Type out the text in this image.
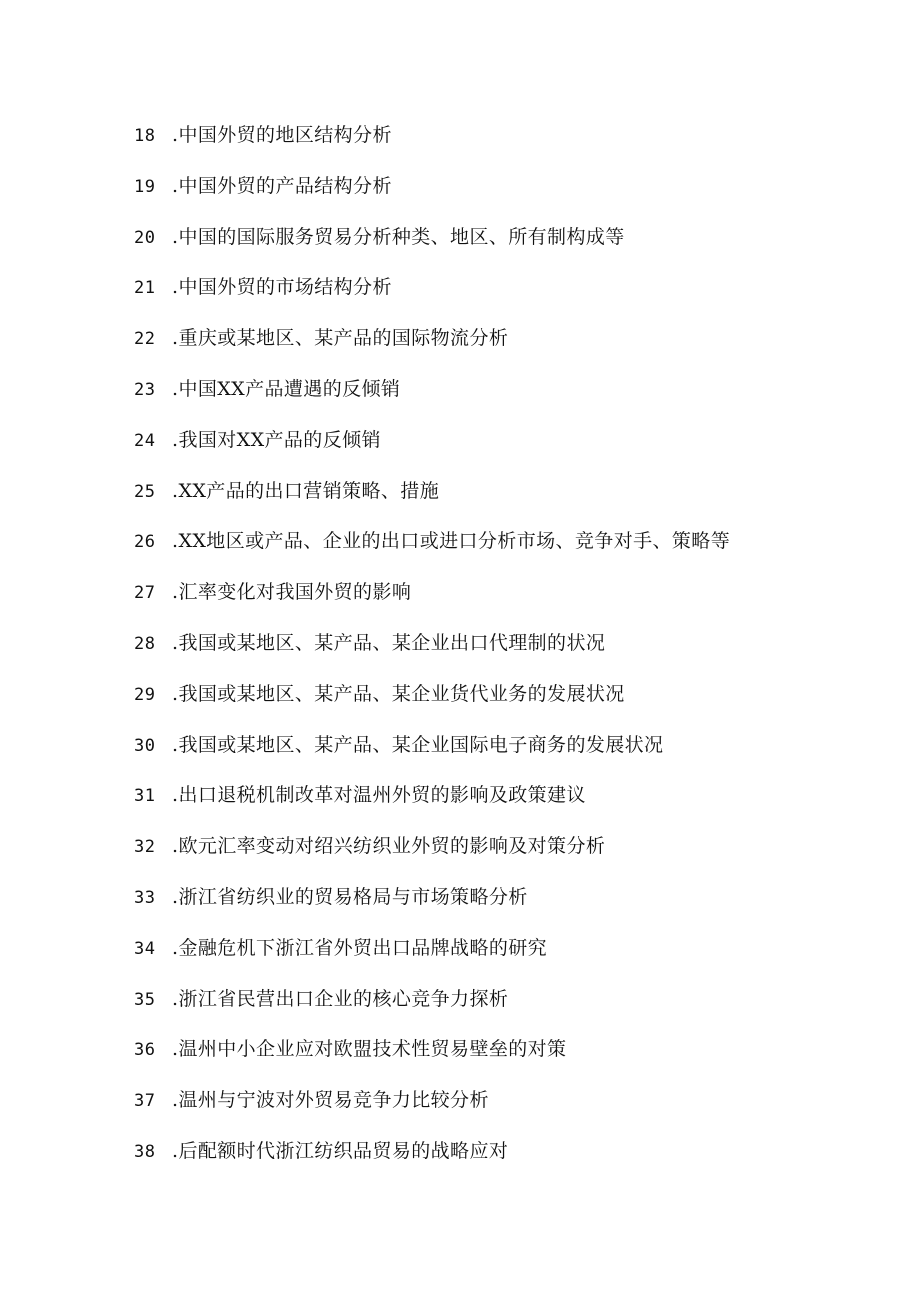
18 .中国外贸的地区结构分析
19 .中国外贸的产品结构分析
20 .中国的国际服务贸易分析种类、地区、所有制构成等
21 .中国外贸的市场结构分析
22 .重庆或某地区、某产品的国际物流分析
23 .中国XX产品遭遇的反倾销
24 .我国对XX产品的反倾销
25 .XX产品的出口营销策略、措施
26 .XX地区或产品、企业的出口或进口分析市场、竞争对手、策略等
27 .汇率变化对我国外贸的影响
28 .我国或某地区、某产品、某企业出口代理制的状况
29 .我国或某地区、某产品、某企业货代业务的发展状况
30 .我国或某地区、某产品、某企业国际电子商务的发展状况
31 .出口退税机制改革对温州外贸的影响及政策建议
32 .欧元汇率变动对绍兴纺织业外贸的影响及对策分析
33 .浙江省纺织业的贸易格局与市场策略分析
34 .金融危机下浙江省外贸出口品牌战略的研究
35 .浙江省民营出口企业的核心竞争力探析
36 .温州中小企业应对欧盟技术性贸易壁垒的对策
37 .温州与宁波对外贸易竞争力比较分析
38 .后配额时代浙江纺织品贸易的战略应对
